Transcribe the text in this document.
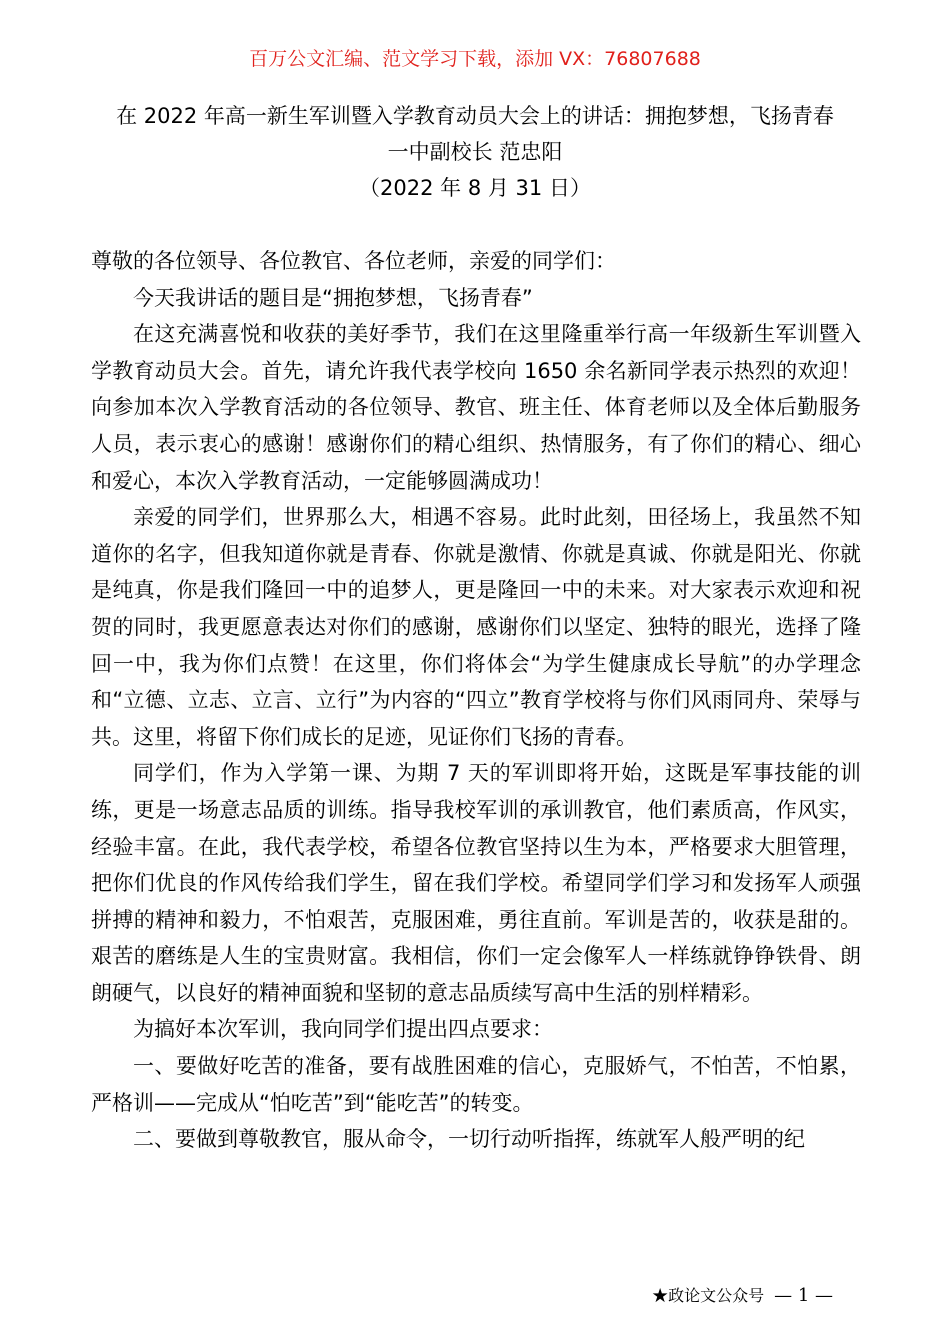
百万公文汇编、范文学习下载，添加 VX：76807688
在 2022 年高一新生军训暨入学教育动员大会上的讲话：拥抱梦想，飞扬青春
一中副校长 范忠阳
（2022 年 8 月 31 日）

尊敬的各位领导、各位教官、各位老师，亲爱的同学们：

今天我讲话的题目是“拥抱梦想，飞扬青春”

在这充满喜悦和收获的美好季节，我们在这里隆重举行高一年级新生军训暨入学教育动员大会。首先，请允许我代表学校向 1650 余名新同学表示热烈的欢迎！向参加本次入学教育活动的各位领导、教官、班主任、体育老师以及全体后勤服务人员，表示衷心的感谢！感谢你们的精心组织、热情服务，有了你们的精心、细心和爱心，本次入学教育活动，一定能够圆满成功！

亲爱的同学们，世界那么大，相遇不容易。此时此刻，田径场上，我虽然不知道你的名字，但我知道你就是青春、你就是激情、你就是真诚、你就是阳光、你就是纯真，你是我们隆回一中的追梦人，更是隆回一中的未来。对大家表示欢迎和祝贺的同时，我更愿意表达对你们的感谢，感谢你们以坚定、独特的眼光，选择了隆回一中，我为你们点赞！在这里，你们将体会“为学生健康成长导航”的办学理念和“立德、立志、立言、立行”为内容的“四立”教育学校将与你们风雨同舟、荣辱与共。这里，将留下你们成长的足迹，见证你们飞扬的青春。

同学们，作为入学第一课、为期 7 天的军训即将开始，这既是军事技能的训练，更是一场意志品质的训练。指导我校军训的承训教官，他们素质高，作风实，经验丰富。在此，我代表学校，希望各位教官坚持以生为本，严格要求大胆管理，把你们优良的作风传给我们学生，留在我们学校。希望同学们学习和发扬军人顽强拼搏的精神和毅力，不怕艰苦，克服困难，勇往直前。军训是苦的，收获是甜的。艰苦的磨练是人生的宝贵财富。我相信，你们一定会像军人一样练就铮铮铁骨、朗朗硬气，以良好的精神面貌和坚韧的意志品质续写高中生活的别样精彩。

为搞好本次军训，我向同学们提出四点要求：

一、要做好吃苦的准备，要有战胜困难的信心，克服娇气，不怕苦，不怕累，严格训——完成从“怕吃苦”到“能吃苦”的转变。

二、要做到尊敬教官，服从命令，一切行动听指挥，练就军人般严明的纪

★政论文公众号 — 1 —
